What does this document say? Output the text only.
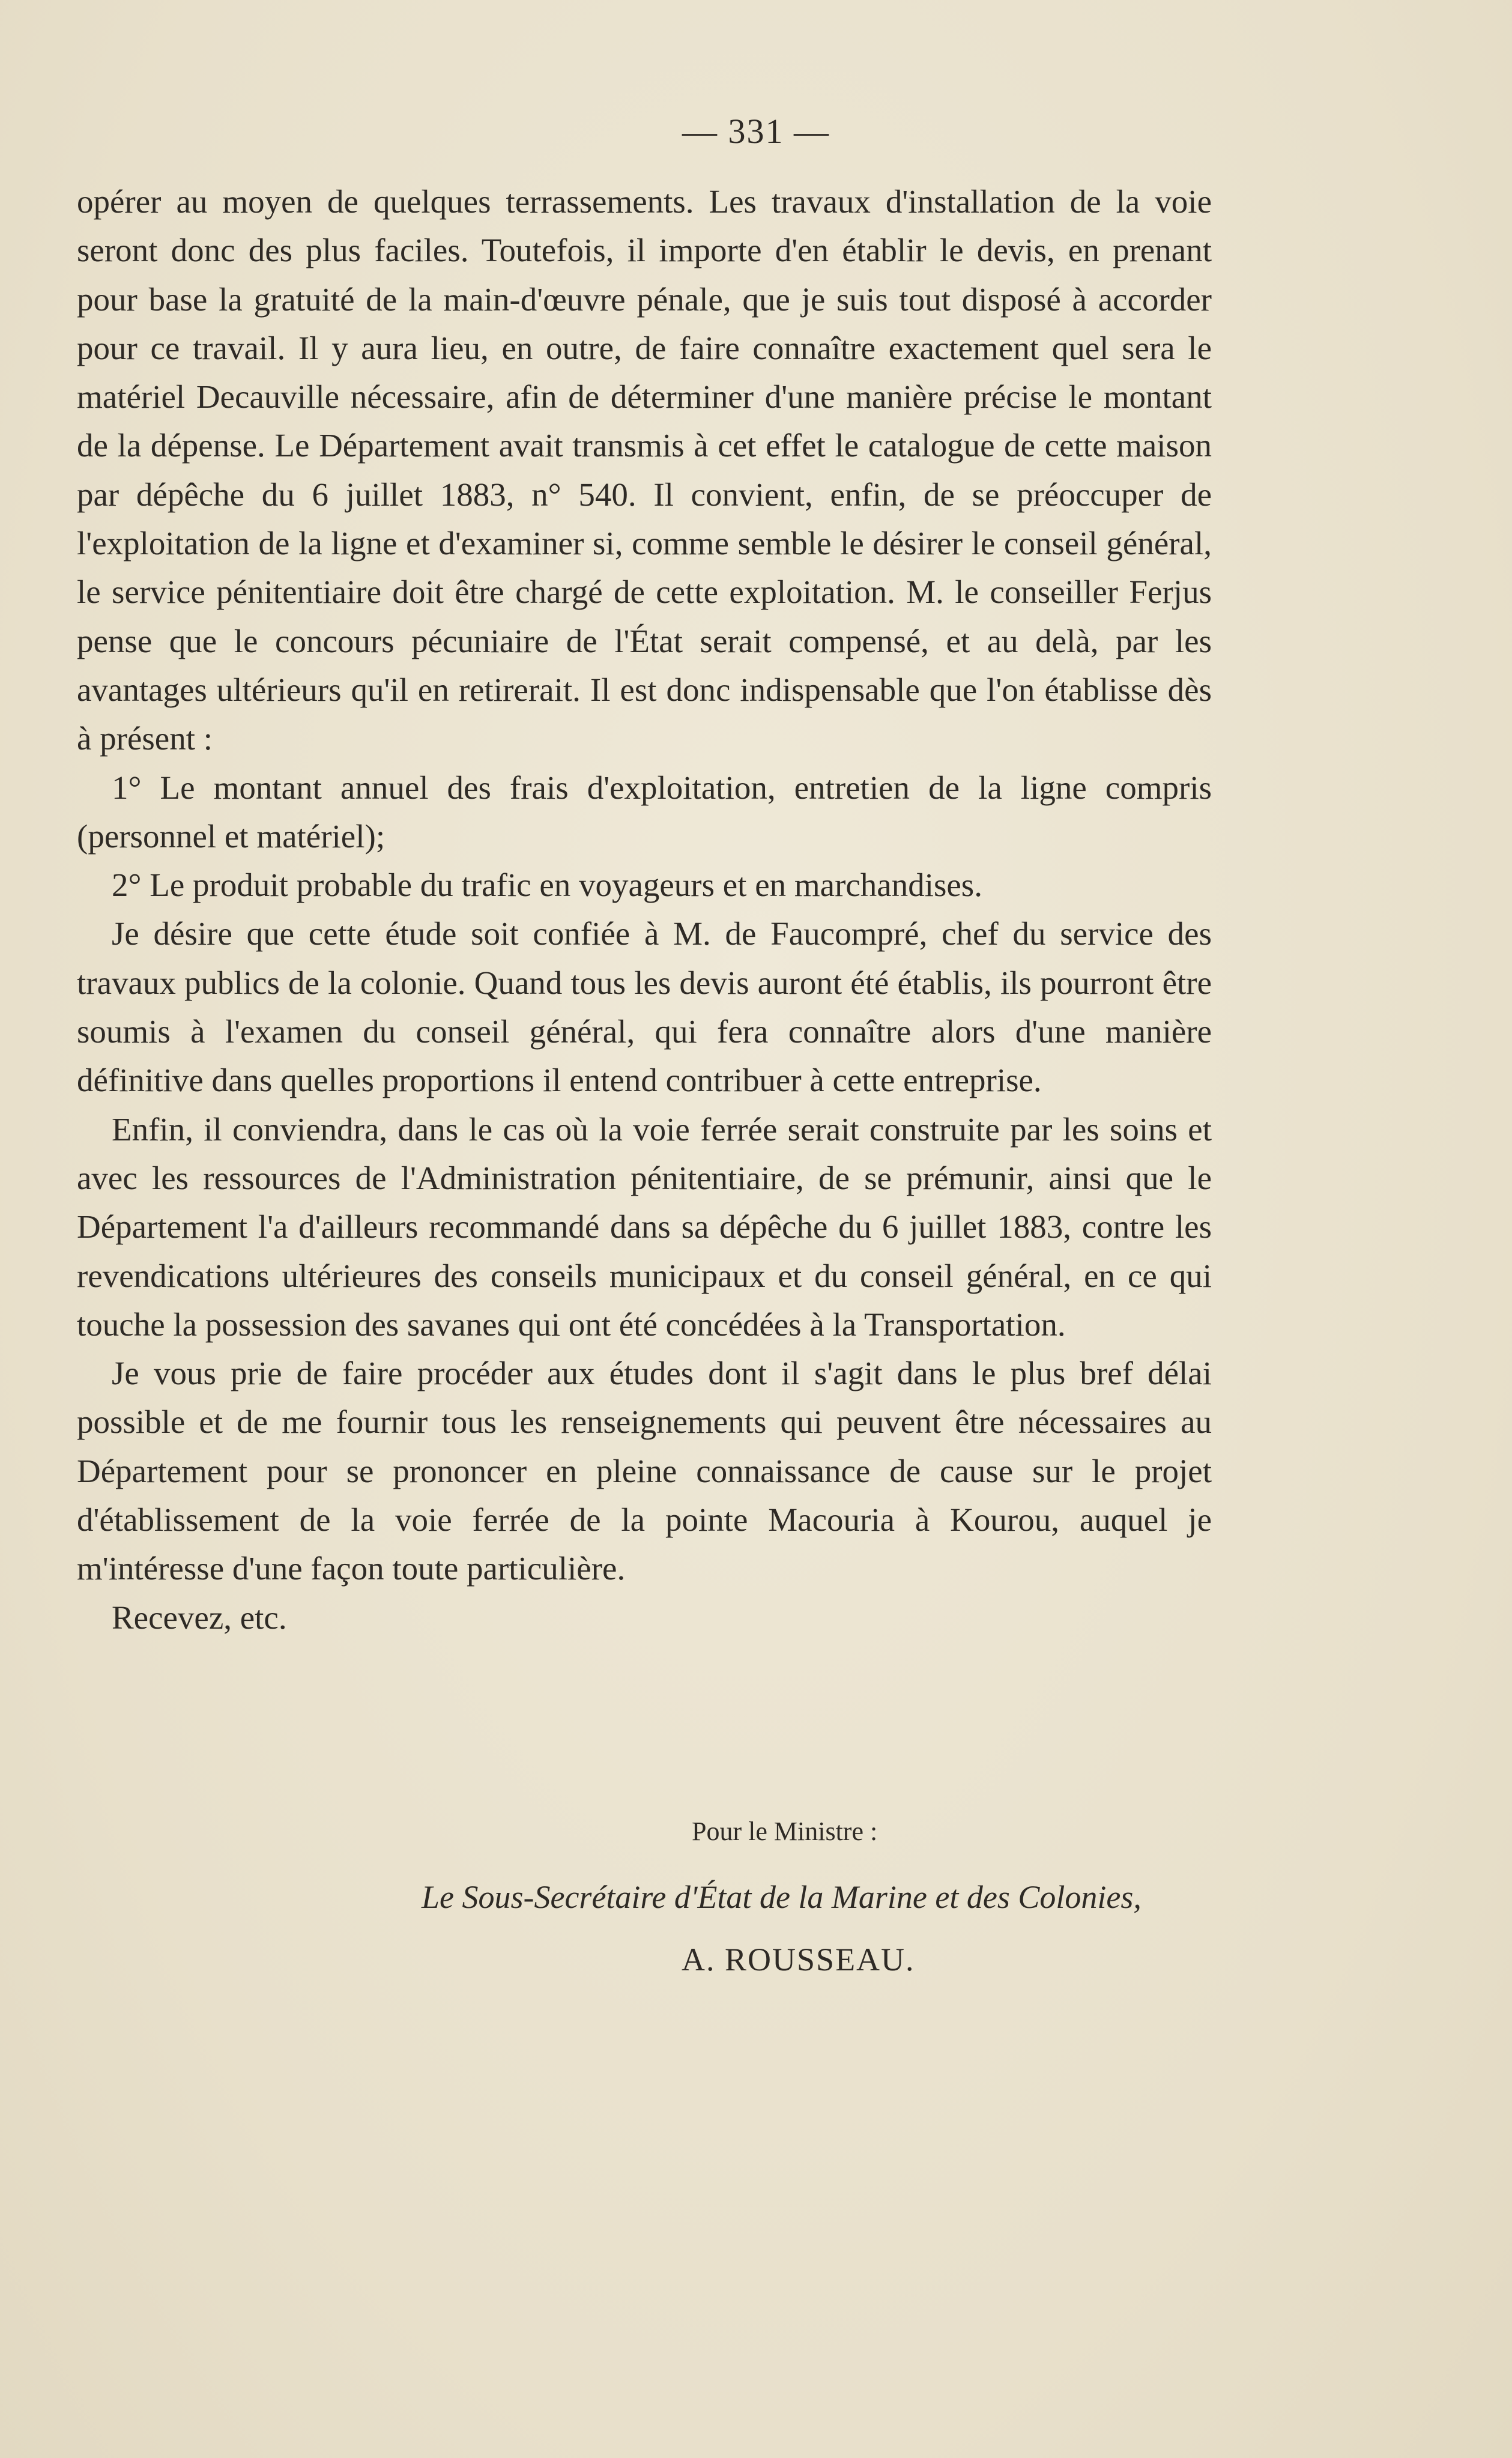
— 331 —

opérer au moyen de quelques terrassements. Les travaux d'installation de la voie seront donc des plus faciles. Toutefois, il importe d'en établir le devis, en prenant pour base la gratuité de la main-d'œuvre pénale, que je suis tout disposé à accorder pour ce travail. Il y aura lieu, en outre, de faire connaître exactement quel sera le matériel Decauville nécessaire, afin de déterminer d'une manière précise le montant de la dépense. Le Département avait transmis à cet effet le catalogue de cette maison par dépêche du 6 juillet 1883, n° 540. Il convient, enfin, de se préoccuper de l'exploitation de la ligne et d'examiner si, comme semble le désirer le conseil général, le service pénitentiaire doit être chargé de cette exploitation. M. le conseiller Ferjus pense que le concours pécuniaire de l'État serait compensé, et au delà, par les avantages ultérieurs qu'il en retirerait. Il est donc indispensable que l'on établisse dès à présent :

1° Le montant annuel des frais d'exploitation, entretien de la ligne compris (personnel et matériel);

2° Le produit probable du trafic en voyageurs et en marchandises.

Je désire que cette étude soit confiée à M. de Faucompré, chef du service des travaux publics de la colonie. Quand tous les devis auront été établis, ils pourront être soumis à l'examen du conseil général, qui fera connaître alors d'une manière définitive dans quelles proportions il entend contribuer à cette entreprise.

Enfin, il conviendra, dans le cas où la voie ferrée serait construite par les soins et avec les ressources de l'Administration pénitentiaire, de se prémunir, ainsi que le Département l'a d'ailleurs recommandé dans sa dépêche du 6 juillet 1883, contre les revendications ultérieures des conseils municipaux et du conseil général, en ce qui touche la possession des savanes qui ont été concédées à la Transportation.

Je vous prie de faire procéder aux études dont il s'agit dans le plus bref délai possible et de me fournir tous les renseignements qui peuvent être nécessaires au Département pour se prononcer en pleine connaissance de cause sur le projet d'établissement de la voie ferrée de la pointe Macouria à Kourou, auquel je m'intéresse d'une façon toute particulière.

Recevez, etc.

Pour le Ministre :
Le Sous-Secrétaire d'État de la Marine et des Colonies,
A. ROUSSEAU.
